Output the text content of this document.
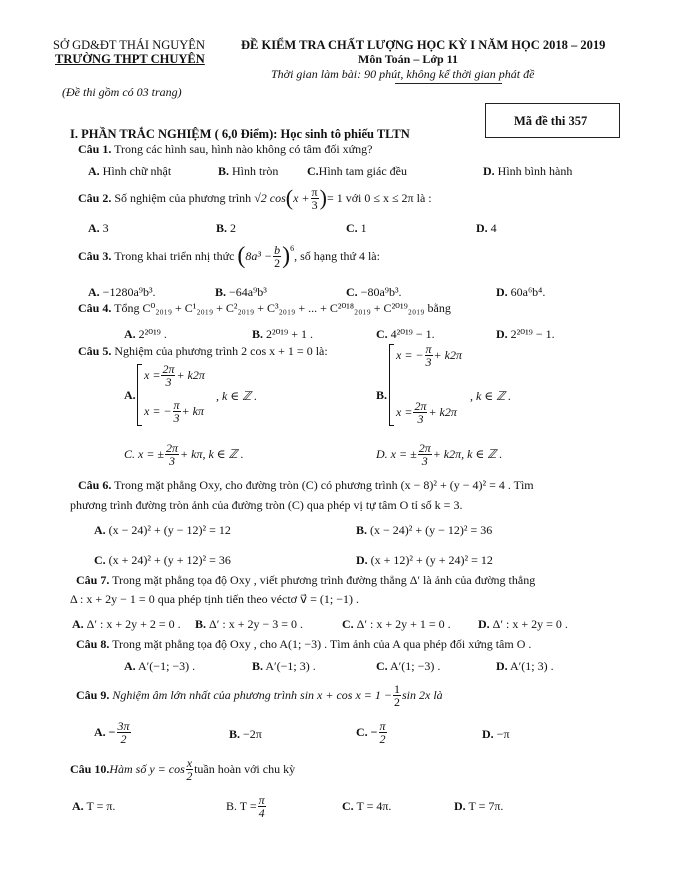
SỞ GD&ĐT THÁI NGUYÊN
TRƯỜNG THPT CHUYÊN
(Đề thi gồm có 03 trang)
ĐỀ KIỂM TRA CHẤT LƯỢNG HỌC KỲ I NĂM HỌC 2018 – 2019
Môn Toán – Lớp 11
Thời gian làm bài: 90 phút, không kể thời gian phát đề
Mã đề thi 357
I. PHẦN TRẮC NGHIỆM ( 6,0 Điểm): Học sinh tô phiếu TLTN
Câu 1. Trong các hình sau, hình nào không có tâm đối xứng?
A. Hình chữ nhật	B. Hình tròn C.Hình tam giác đều	D. Hình bình hành
Câu 2.
Số nghiệm của phương trình
√2 cos ( $x + \frac{\pi}{3}$ ) = 1 với 0 ≤ x ≤ 2π là :
A. 3	B. 2	C. 1	D. 4
Câu 3.
Trong khai triển nhị thức
( $8a^3 - \frac{b}{2} )^6$
, số hạng thứ 4 là:
A. −1280a⁹b³.	B. −64a⁹b³	C. −80a⁹b³.	D. 60a⁶b⁴.
Câu 4. Tổng C⁰₂₀₁₉ + C¹₂₀₁₉ + C²₂₀₁₉ + C³₂₀₁₉ + ... + C²⁰¹⁸₂₀₁₉ + C²⁰¹⁹₂₀₁₉ bằng
A. 2²⁰¹⁹ .	B. 2²⁰¹⁹ + 1 .	C. 4²⁰¹⁹ − 1.	D. 2²⁰¹⁹ − 1.
Câu 5. Nghiệm của phương trình 2 cos x + 1 = 0 là:
A.
$x = \frac{2\pi}{3} + k2\pi$
x = − $\frac{\pi}{3} + k\pi$
, k ∈ ℤ .	B.
x = − $\frac{\pi}{3} + k2\pi$
$x = \frac{2\pi}{3} + k2\pi$
, k ∈ ℤ .
C. x = ± $\frac{2\pi}{3} + k\pi$, k ∈ ℤ .	D. x = ± $\frac{2\pi}{3} + k2\pi$, k ∈ ℤ .
Câu 6. Trong mặt phẳng Oxy, cho đường tròn (C) có phương trình (x − 8)² + (y − 4)² = 4 . Tìm
phương trình đường tròn ảnh của đường tròn (C) qua phép vị tự tâm O tỉ số k = 3.
A. (x − 24)² + (y − 12)² = 12	B. (x − 24)² + (y − 12)² = 36
C. (x + 24)² + (y + 12)² = 36	D. (x + 12)² + (y + 24)² = 12
Câu 7. Trong mặt phẳng tọa độ Oxy , viết phương trình đường thẳng Δ′ là ảnh của đường thẳng
Δ : x + 2y − 1 = 0 qua phép tịnh tiến theo véctơ v⃗ = (1; −1) .
A. Δ′ : x + 2y + 2 = 0 . B. Δ′ : x + 2y − 3 = 0 .	C. Δ′ : x + 2y + 1 = 0 . D. Δ′ : x + 2y = 0 .
Câu 8. Trong mặt phẳng tọa độ Oxy , cho A(1; −3) . Tìm ảnh của A qua phép đối xứng tâm O .
A. A′(−1; −3) .	B. A′(−1; 3) .	C. A′(1; −3) .	D. A′(1; 3) .
Câu 9.
Nghiệm âm lớn nhất của phương trình $\sin x + \cos x = 1 - \frac{1}{2}$ sin 2x là
A. − $\frac{3\pi}{2}$	B. −2π	C. − $\frac{\pi}{2}$	D. −π
Câu 10. Hàm số $y = \cos \frac{x}{2}$ tuần hoàn với chu kỳ
A. T = π.	B. $T = \frac{\pi}{4}$	C. T = 4π.	D. T = 7π.
